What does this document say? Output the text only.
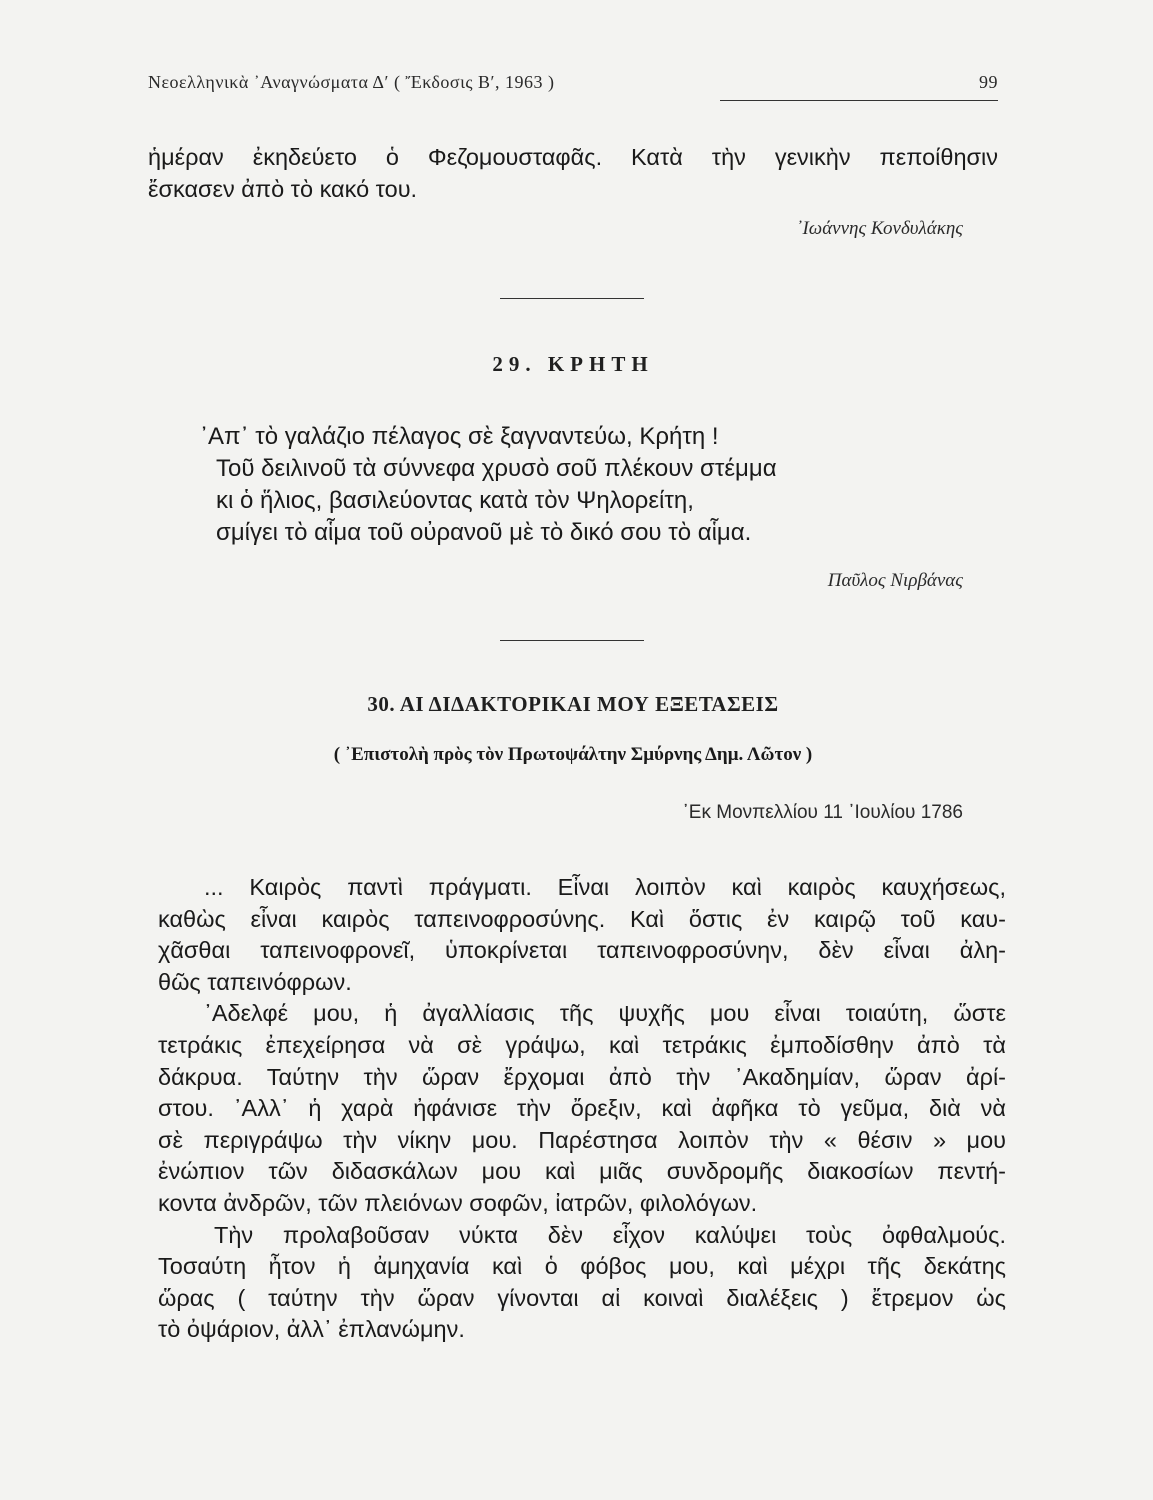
Νεοελληνικὰ ᾿Αναγνώσματα Δ′ ( Ἔκδοσις Β′, 1963 )	99
ἡμέραν ἐκηδεύετο ὁ Φεζομουσταφᾶς. Κατὰ τὴν γενικὴν πεποίθησιν
ἔσκασεν ἀπὸ τὸ κακό του.
᾿Ιωάννης Κονδυλάκης
29. ΚΡΗΤΗ
᾿Απ᾿ τὸ γαλάζιο πέλαγος σὲ ξαγναντεύω, Κρήτη !
Τοῦ δειλινοῦ τὰ σύννεφα χρυσὸ σοῦ πλέκουν στέμμα
κι ὁ ἥλιος, βασιλεύοντας κατὰ τὸν Ψηλορείτη,
σμίγει τὸ αἷμα τοῦ οὐρανοῦ μὲ τὸ δικό σου τὸ αἷμα.
Παῦλος Νιρβάνας
30. ΑΙ ΔΙΔΑΚΤΟΡΙΚΑΙ ΜΟΥ ΕΞΕΤΑΣΕΙΣ
( ᾿Επιστολὴ πρὸς τὸν Πρωτοψάλτην Σμύρνης Δημ. Λῶτον )
᾿Εκ Μονπελλίου 11 ᾿Ιουλίου 1786
... Καιρὸς παντὶ πράγματι. Εἶναι λοιπὸν καὶ καιρὸς καυχήσεως,
καθὼς εἶναι καιρὸς ταπεινοφροσύνης. Καὶ ὅστις ἐν καιρῷ τοῦ καυ-
χᾶσθαι ταπεινοφρονεῖ, ὑποκρίνεται ταπεινοφροσύνην, δὲν εἶναι ἀλη-
θῶς ταπεινόφρων.
᾿Αδελφέ μου, ἡ ἀγαλλίασις τῆς ψυχῆς μου εἶναι τοιαύτη, ὥστε
τετράκις ἐπεχείρησα νὰ σὲ γράψω, καὶ τετράκις ἐμποδίσθην ἀπὸ τὰ
δάκρυα. Ταύτην τὴν ὥραν ἔρχομαι ἀπὸ τὴν ᾿Ακαδημίαν, ὥραν ἀρί-
στου. ᾿Αλλ᾿ ἡ χαρὰ ἠφάνισε τὴν ὄρεξιν, καὶ ἀφῆκα τὸ γεῦμα, διὰ νὰ
σὲ περιγράψω τὴν νίκην μου. Παρέστησα λοιπὸν τὴν « θέσιν » μου
ἐνώπιον τῶν διδασκάλων μου καὶ μιᾶς συνδρομῆς διακοσίων πεντή-
κοντα ἀνδρῶν, τῶν πλειόνων σοφῶν, ἰατρῶν, φιλολόγων.
Τὴν προλαβοῦσαν νύκτα δὲν εἶχον καλύψει τοὺς ὀφθαλμούς.
Τοσαύτη ἦτον ἡ ἀμηχανία καὶ ὁ φόβος μου, καὶ μέχρι τῆς δεκάτης
ὥρας ( ταύτην τὴν ὥραν γίνονται αἱ κοιναὶ διαλέξεις ) ἔτρεμον ὡς
τὸ ὀψάριον, ἀλλ᾿ ἐπλανώμην.
